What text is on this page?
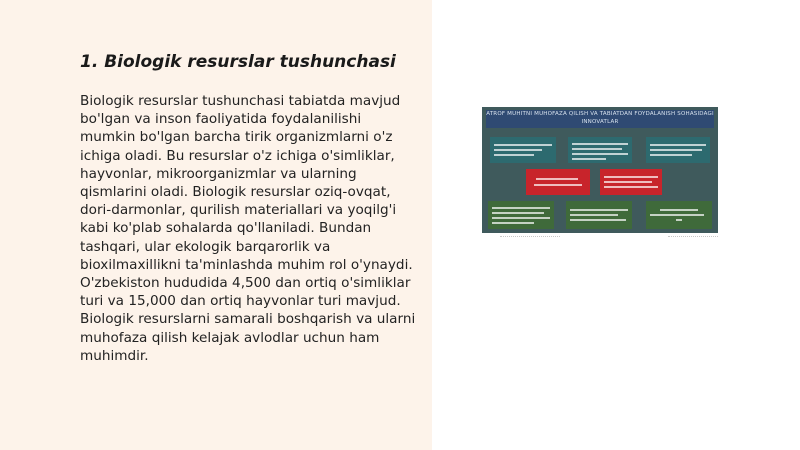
1. Biologik resurslar tushunchasi

Biologik resurslar tushunchasi tabiatda mavjud bo'lgan va inson faoliyatida foydalanilishi mumkin bo'lgan barcha tirik organizmlarni o'z ichiga oladi. Bu resurslar o'z ichiga o'simliklar, hayvonlar, mikroorganizmlar va ularning qismlarini oladi. Biologik resurslar oziq-ovqat, dori-darmonlar, qurilish materiallari va yoqilg'i kabi ko'plab sohalarda qo'llaniladi. Bundan tashqari, ular ekologik barqarorlik va bioxilmaxillikni ta'minlashda muhim rol o'ynaydi. O'zbekiston hududida 4,500 dan ortiq o'simliklar turi va 15,000 dan ortiq hayvonlar turi mavjud. Biologik resurslarni samarali boshqarish va ularni muhofaza qilish kelajak avlodlar uchun ham muhimdir.

ATROF MUHITNI MUHOFAZA QILISH VA TABIATDAN FOYDALANISH SOHASIDAGI INNOVATLAR
